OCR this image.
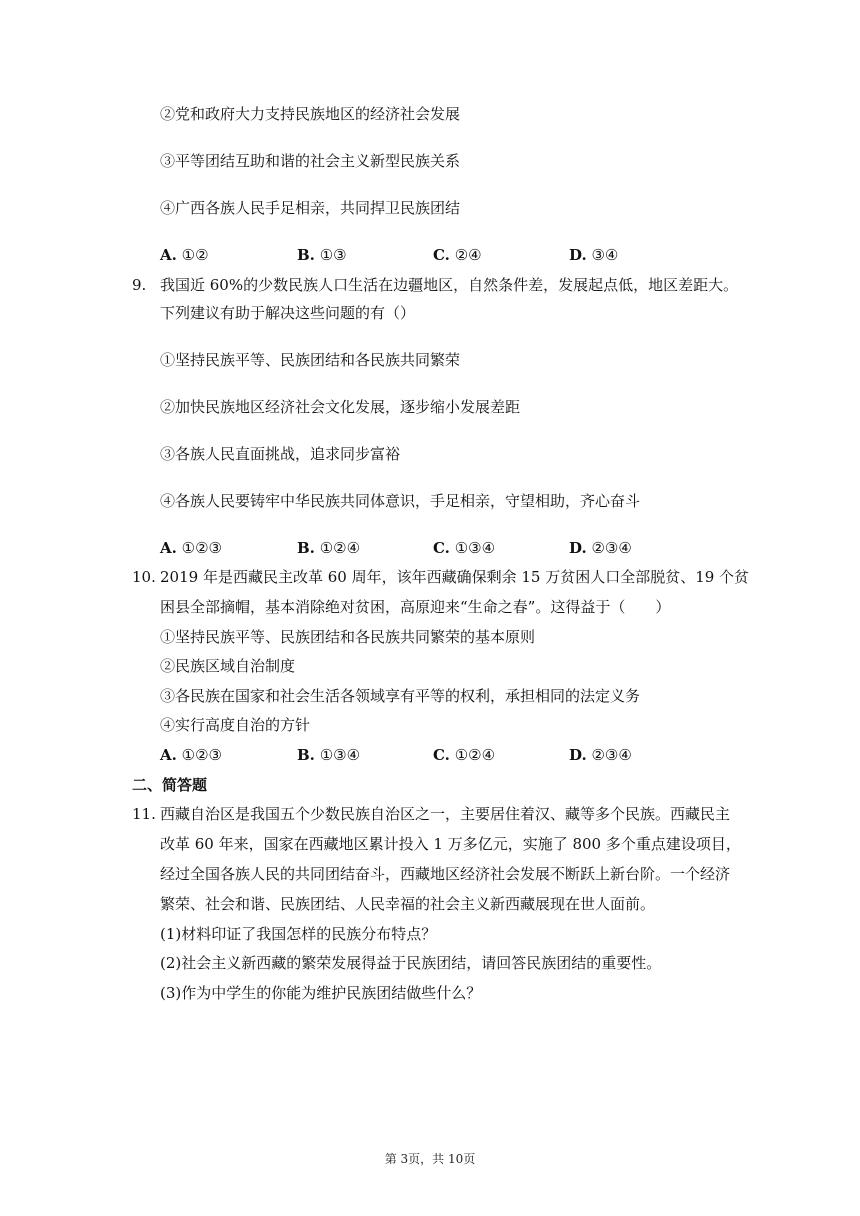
②党和政府大力支持民族地区的经济社会发展
③平等团结互助和谐的社会主义新型民族关系
④广西各族人民手足相亲，共同捍卫民族团结
A. ①②	B. ①③	C. ②④	D. ③④
9. 我国近 60%的少数民族人口生活在边疆地区，自然条件差，发展起点低，地区差距大。
下列建议有助于解决这些问题的有（）
①坚持民族平等、民族团结和各民族共同繁荣
②加快民族地区经济社会文化发展，逐步缩小发展差距
③各族人民直面挑战，追求同步富裕
④各族人民要铸牢中华民族共同体意识，手足相亲，守望相助，齐心奋斗
A. ①②③	B. ①②④	C. ①③④	D. ②③④
10. 2019 年是西藏民主改革 60 周年，该年西藏确保剩余 15 万贫困人口全部脱贫、19 个贫
困县全部摘帽，基本消除绝对贫困，高原迎来“生命之春”。这得益于（　　）
①坚持民族平等、民族团结和各民族共同繁荣的基本原则
②民族区域自治制度
③各民族在国家和社会生活各领域享有平等的权利，承担相同的法定义务
④实行高度自治的方针
A. ①②③	B. ①③④	C. ①②④	D. ②③④
二、简答题
11. 西藏自治区是我国五个少数民族自治区之一，主要居住着汉、藏等多个民族。西藏民主
改革 60 年来，国家在西藏地区累计投入 1 万多亿元，实施了 800 多个重点建设项目，
经过全国各族人民的共同团结奋斗，西藏地区经济社会发展不断跃上新台阶。一个经济
繁荣、社会和谐、民族团结、人民幸福的社会主义新西藏展现在世人面前。
(1)材料印证了我国怎样的民族分布特点？
(2)社会主义新西藏的繁荣发展得益于民族团结，请回答民族团结的重要性。
(3)作为中学生的你能为维护民族团结做些什么？
第 3页，共 10页
